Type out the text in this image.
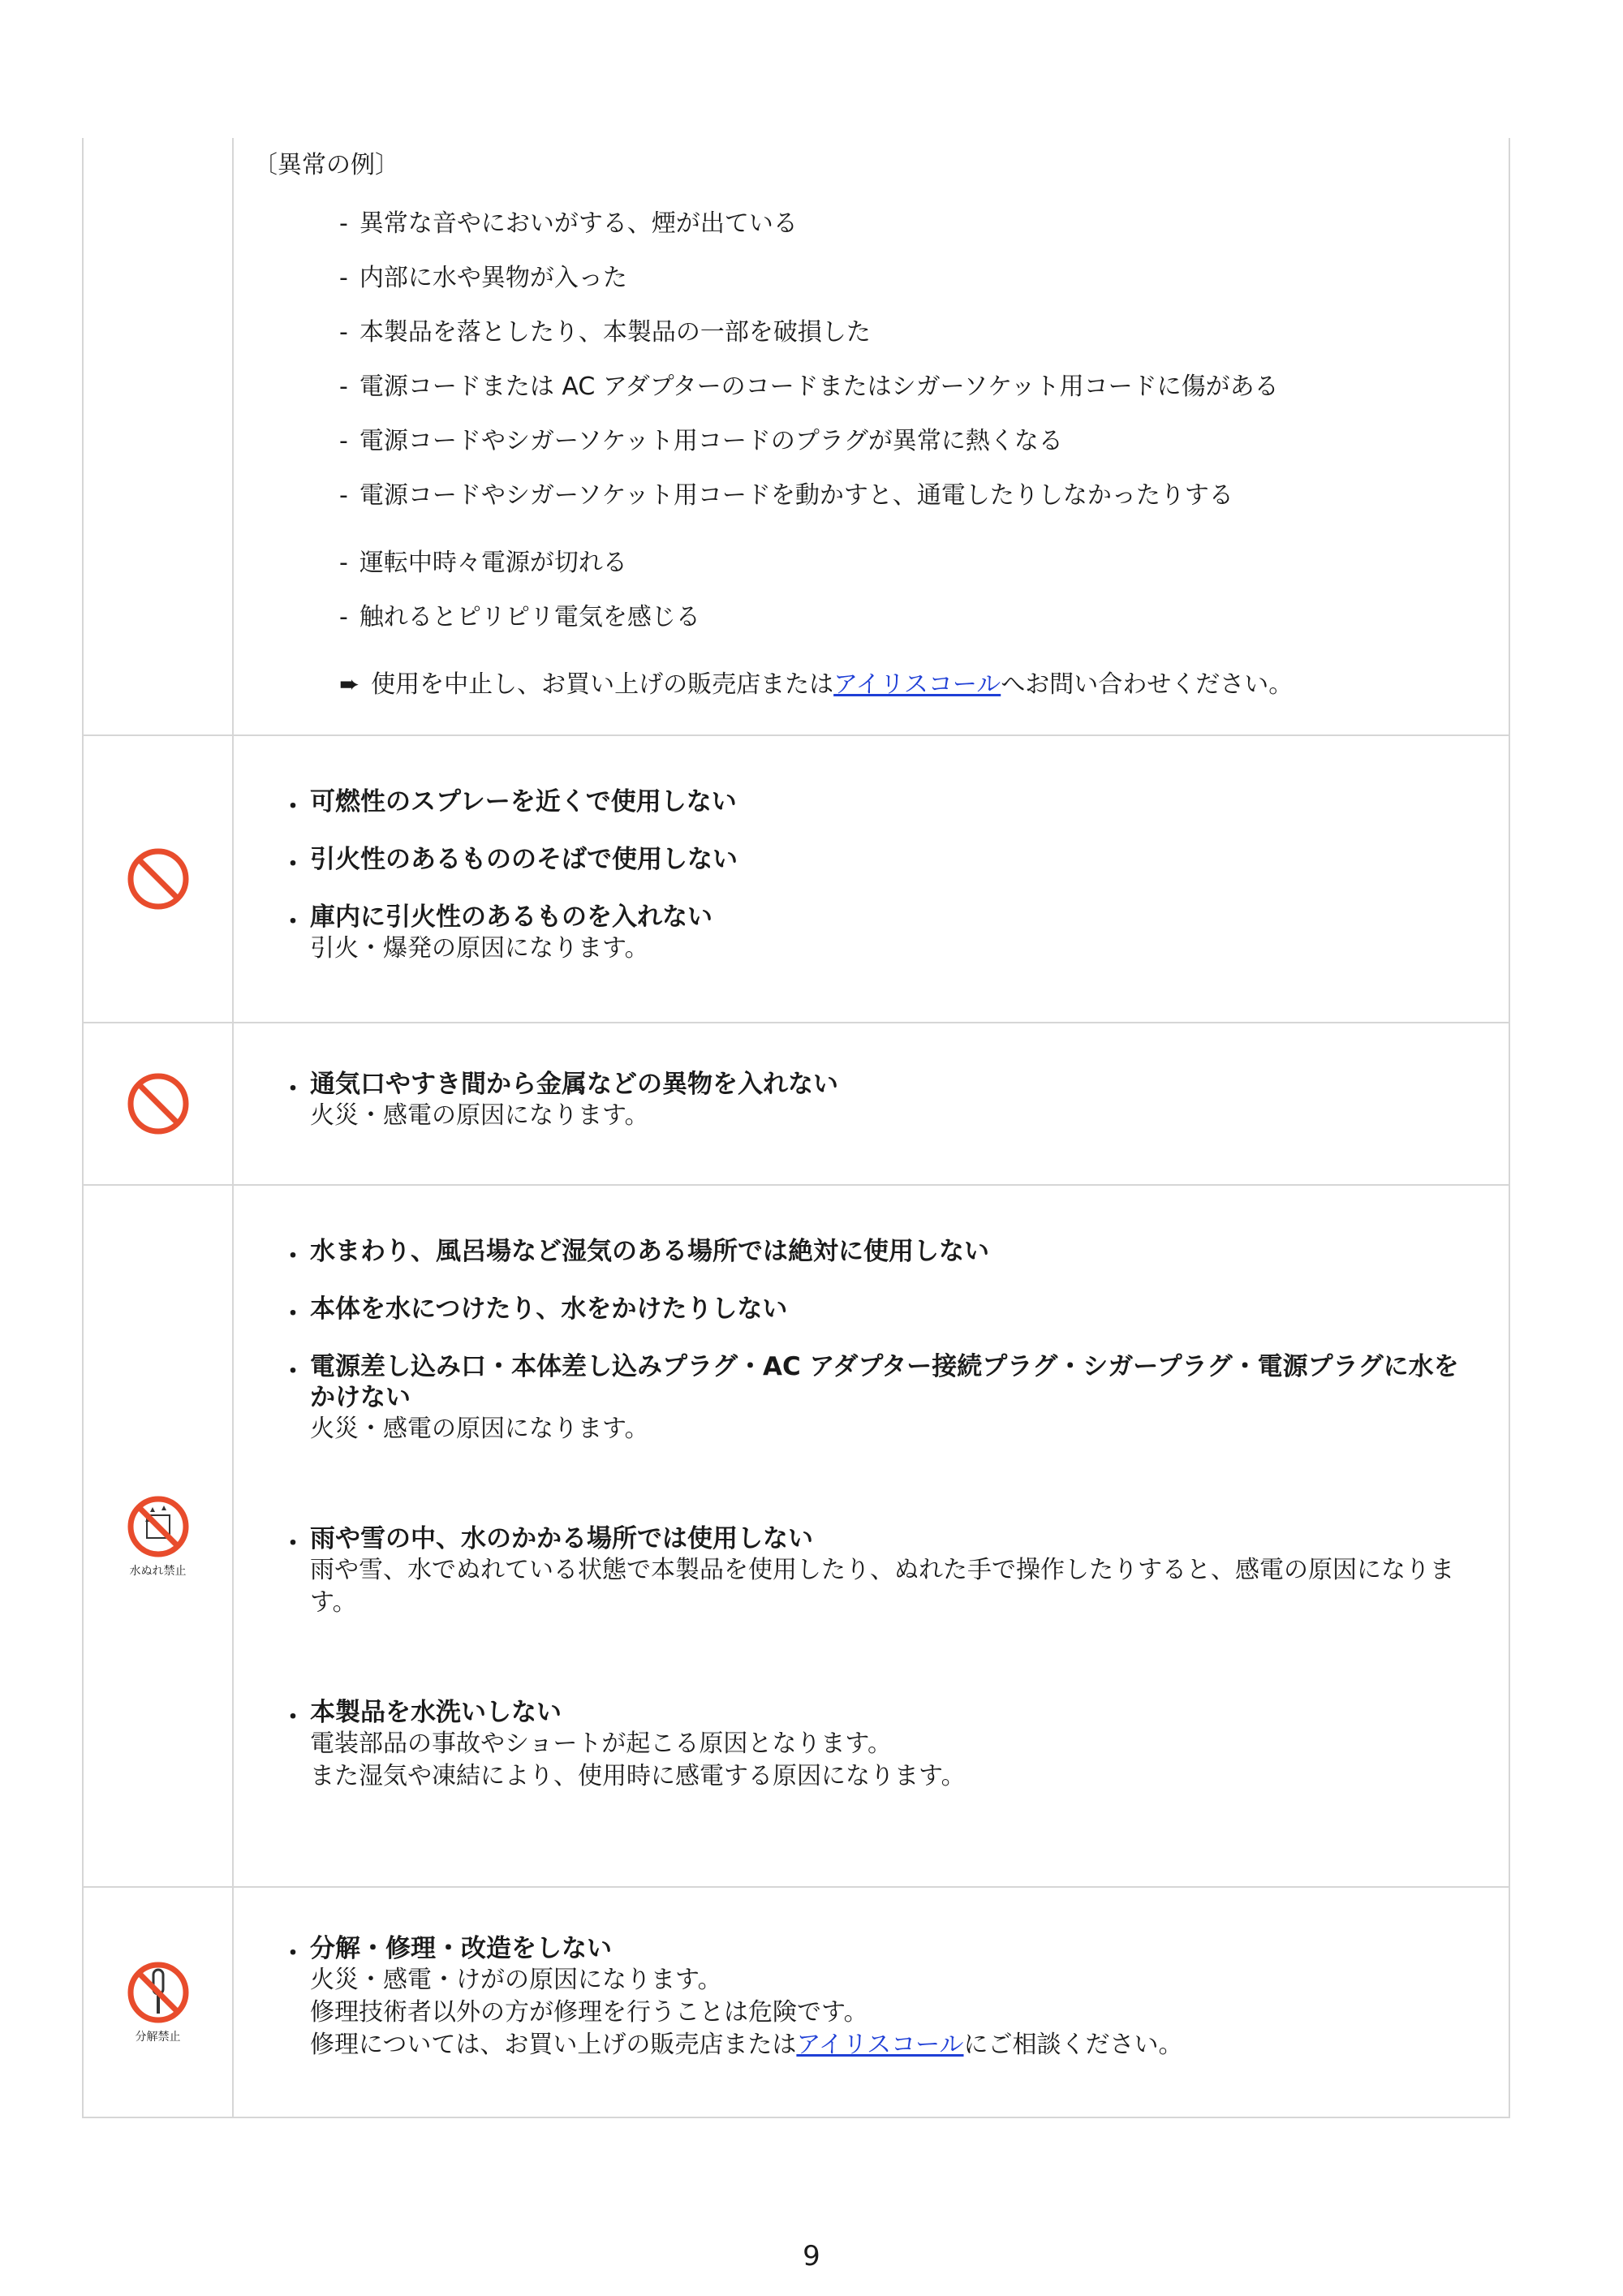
〔異常の例〕
- 異常な音やにおいがする、煙が出ている
- 内部に水や異物が入った
- 本製品を落としたり、本製品の一部を破損した
- 電源コードまたは AC アダプターのコードまたはシガーソケット用コードに傷がある
- 電源コードやシガーソケット用コードのプラグが異常に熱くなる
- 電源コードやシガーソケット用コードを動かすと、通電したりしなかったりする
- 運転中時々電源が切れる
- 触れるとピリピリ電気を感じる
➨ 使用を中止し、お買い上げの販売店またはアイリスコールへお問い合わせください。
・ 可燃性のスプレーを近くで使用しない
・ 引火性のあるもののそばで使用しない
・ 庫内に引火性のあるものを入れない
引火・爆発の原因になります。
・ 通気口やすき間から金属などの異物を入れない
火災・感電の原因になります。
水ぬれ禁止
・ 水まわり、風呂場など湿気のある場所では絶対に使用しない
・ 本体を水につけたり、水をかけたりしない
・ 電源差し込み口・本体差し込みプラグ・AC アダプター接続プラグ・シガープラグ・電源プラグに水をかけない
火災・感電の原因になります。
・ 雨や雪の中、水のかかる場所では使用しない
雨や雪、水でぬれている状態で本製品を使用したり、ぬれた手で操作したりすると、感電の原因になります。
・ 本製品を水洗いしない
電装部品の事故やショートが起こる原因となります。
また湿気や凍結により、使用時に感電する原因になります。
分解禁止
・ 分解・修理・改造をしない
火災・感電・けがの原因になります。
修理技術者以外の方が修理を行うことは危険です。
修理については、お買い上げの販売店またはアイリスコールにご相談ください。
9
